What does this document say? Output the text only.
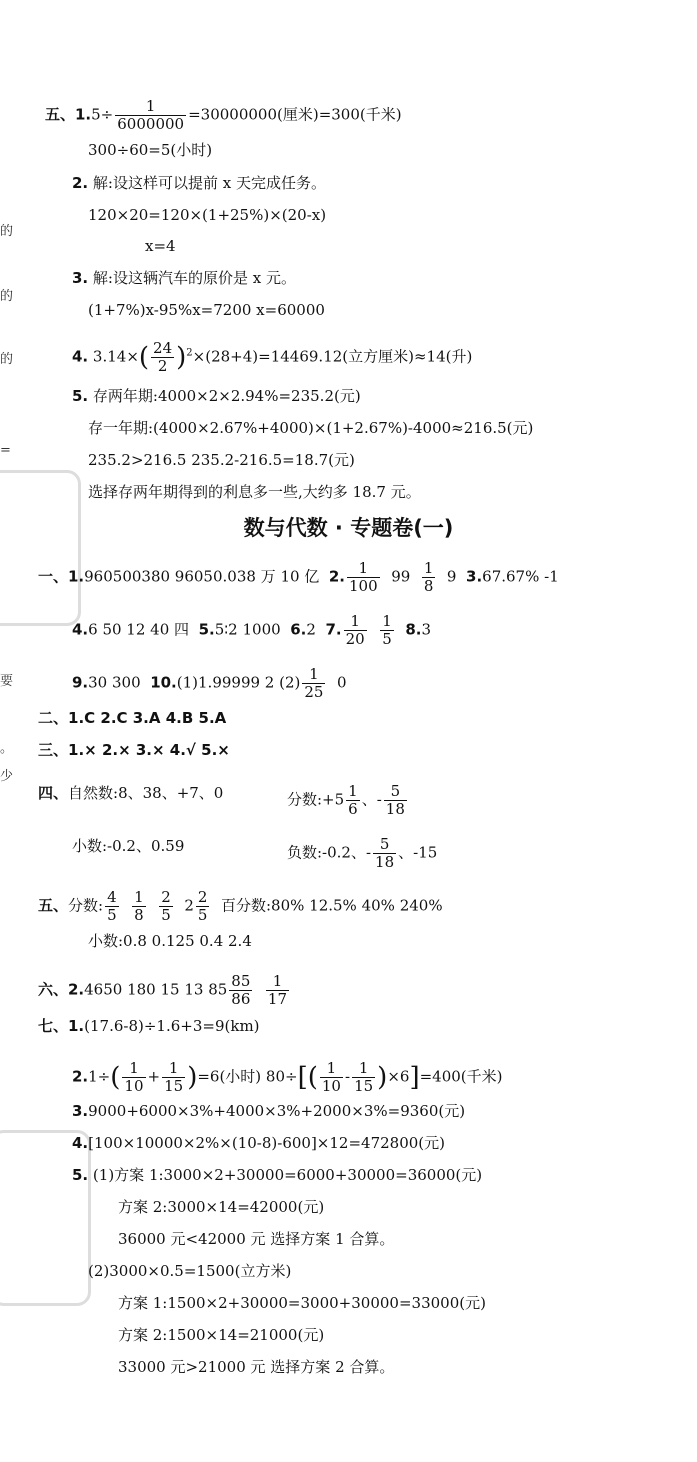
的
的
的
=
要
。
少
五、$1.5\div \frac{1}{6000000} =30000000$(厘米)=300(千米)
300÷60=5(小时)
2. 解:设这样可以提前 x 天完成任务。
120×20=120×(1+25%)×(20-x)
x=4
3. 解:设这辆汽车的原价是 x 元。
(1+7%)x-95%x=7200 x=60000
4. $3.14\times( \frac{24}{2} )^2\times(28+4)=14469.12$(立方厘米)≈14(升)
5. 存两年期:4000×2×2.94%=235.2(元)
存一年期:(4000×2.67%+4000)×(1+2.67%)-4000≈216.5(元)
235.2>216.5 235.2-216.5=18.7(元)
选择存两年期得到的利息多一些,大约多 18.7 元。
数与代数 · 专题卷(一)
一、1.960500380 96050.038 万 10 亿 2. $\frac{1}{100} 99 \frac{1}{8} 9$ 3.67.67% -1
4.6 50 12 40 四 5.5∶2 1000 6.2 7. $\frac{1}{20}$
$\frac{1}{5} 8.3$
9.30 300 10.(1)1.99999 2 $(2) \frac{1}{25} 0$
二、1.C 2.C 3.A 4.B 5.A
三、1.× 2.× 3.× 4.√ 5.×
四、自然数:8、38、+7、0	分数:+5 $\frac{1}{6}$ 、- $\frac{5}{18}$
小数:-0.2、0.59	负数:-0.2、- $\frac{5}{18}$ 、-15
五、分数: $\frac{4}{5}$
$\frac{1}{8}$
$\frac{2}{5} 2 \frac{2}{5}$ 百分数:80% 12.5% 40% 240%
小数:0.8 0.125 0.4 2.4
六、2.4650 180 15 13 $85 \frac{85}{86}$
$\frac{1}{17}$
七、1.(17.6-8)÷1.6+3=9(km)
$2.1\div( \frac{1}{10} + \frac{1}{15} )=6$(小时) $80\div[( \frac{1}{10} - \frac{1}{15} )\times 6]=400$(千米)
3.9000+6000×3%+4000×3%+2000×3%=9360(元)
4.[100×10000×2%×(10-8)-600]×12=472800(元)
5. (1)方案 1:3000×2+30000=6000+30000=36000(元)
方案 2:3000×14=42000(元)
36000 元<42000 元 选择方案 1 合算。
(2)3000×0.5=1500(立方米)
方案 1:1500×2+30000=3000+30000=33000(元)
方案 2:1500×14=21000(元)
33000 元>21000 元 选择方案 2 合算。
